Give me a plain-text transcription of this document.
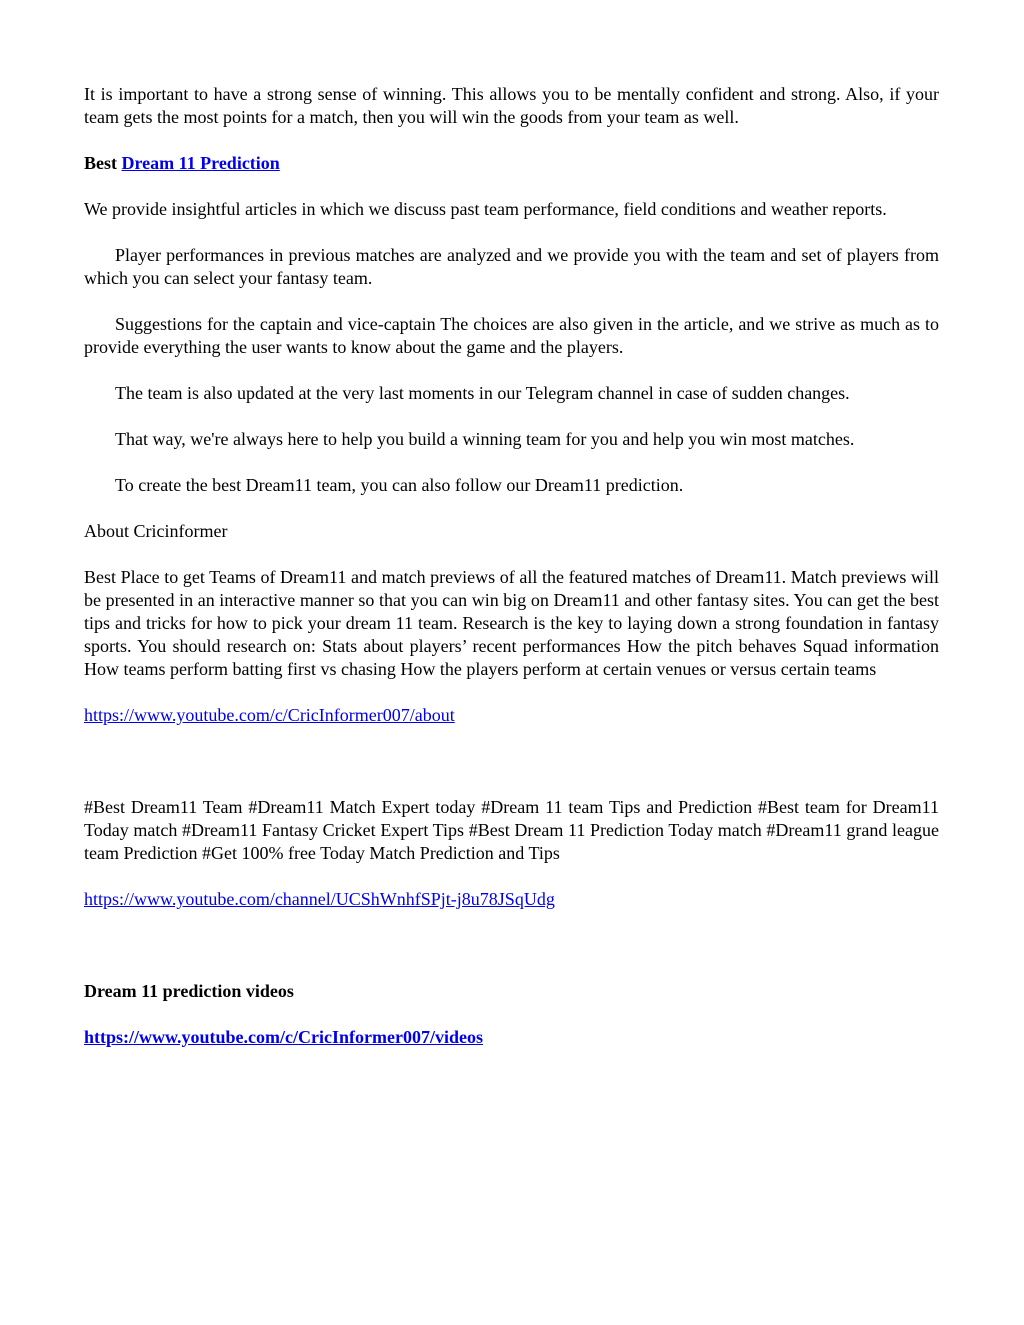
It is important to have a strong sense of winning. This allows you to be mentally confident and strong. Also, if your team gets the most points for a match, then you will win the goods from your team as well.

Best Dream 11 Prediction

We provide insightful articles in which we discuss past team performance, field conditions and weather reports.

Player performances in previous matches are analyzed and we provide you with the team and set of players from which you can select your fantasy team.

Suggestions for the captain and vice-captain The choices are also given in the article, and we strive as much as to provide everything the user wants to know about the game and the players.

The team is also updated at the very last moments in our Telegram channel in case of sudden changes.

That way, we're always here to help you build a winning team for you and help you win most matches.

To create the best Dream11 team, you can also follow our Dream11 prediction.

About Cricinformer

Best Place to get Teams of Dream11 and match previews of all the featured matches of Dream11. Match previews will be presented in an interactive manner so that you can win big on Dream11 and other fantasy sites. You can get the best tips and tricks for how to pick your dream 11 team. Research is the key to laying down a strong foundation in fantasy sports. You should research on: Stats about players’ recent performances How the pitch behaves Squad information How teams perform batting first vs chasing How the players perform at certain venues or versus certain teams

https://www.youtube.com/c/CricInformer007/about

#Best Dream11 Team #Dream11 Match Expert today #Dream 11 team Tips and Prediction #Best team for Dream11 Today match #Dream11 Fantasy Cricket Expert Tips #Best Dream 11 Prediction Today match #Dream11 grand league team Prediction #Get 100% free Today Match Prediction and Tips

https://www.youtube.com/channel/UCShWnhfSPjt-j8u78JSqUdg

Dream 11 prediction videos

https://www.youtube.com/c/CricInformer007/videos
